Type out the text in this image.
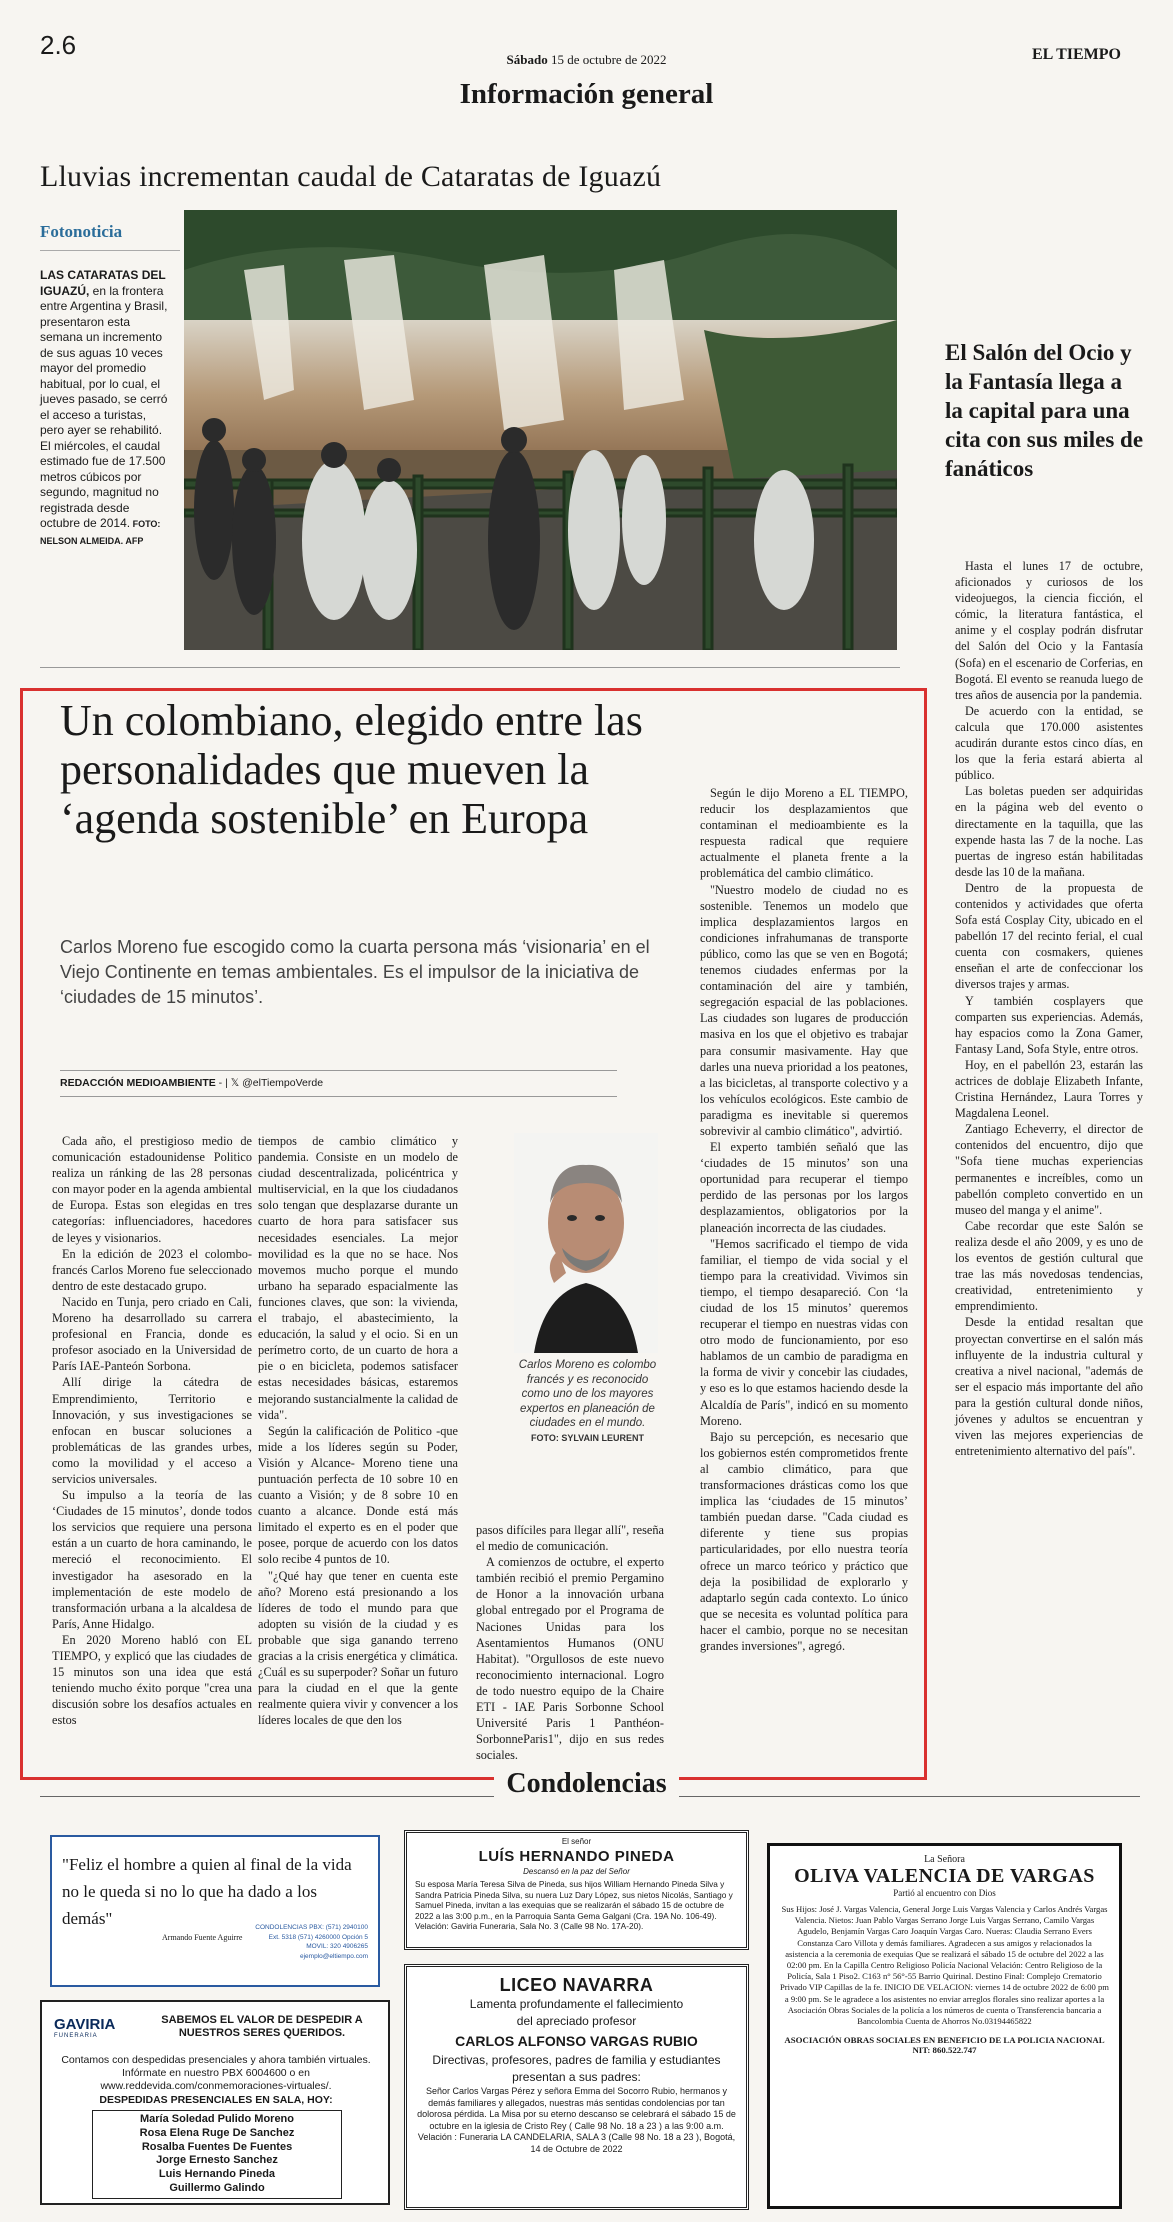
2.6	Sábado 15 de octubre de 2022	EL TIEMPO
Información general
Lluvias incrementan caudal de Cataratas de Iguazú
Fotonoticia
LAS CATARATAS DEL IGUAZÚ, en la frontera entre Argentina y Brasil, presentaron esta semana un incremento de sus aguas 10 veces mayor del promedio habitual, por lo cual, el jueves pasado, se cerró el acceso a turistas, pero ayer se rehabilitó. El miércoles, el caudal estimado fue de 17.500 metros cúbicos por segundo, magnitud no registrada desde octubre de 2014. FOTO: NELSON ALMEIDA. AFP
El Salón del Ocio y la Fantasía llega a la capital para una cita con sus miles de fanáticos

Hasta el lunes 17 de octubre, aficionados y curiosos de los videojuegos, la ciencia ficción, el cómic, la literatura fantástica, el anime y el cosplay podrán disfrutar del Salón del Ocio y la Fantasía (Sofa) en el escenario de Corferias, en Bogotá. El evento se reanuda luego de tres años de ausencia por la pandemia.

De acuerdo con la entidad, se calcula que 170.000 asistentes acudirán durante estos cinco días, en los que la feria estará abierta al público.

Las boletas pueden ser adquiridas en la página web del evento o directamente en la taquilla, que las expende hasta las 7 de la noche. Las puertas de ingreso están habilitadas desde las 10 de la mañana.

Dentro de la propuesta de contenidos y actividades que oferta Sofa está Cosplay City, ubicado en el pabellón 17 del recinto ferial, el cual cuenta con cosmakers, quienes enseñan el arte de confeccionar los diversos trajes y armas.

Y también cosplayers que comparten sus experiencias. Además, hay espacios como la Zona Gamer, Fantasy Land, Sofa Style, entre otros.

Hoy, en el pabellón 23, estarán las actrices de doblaje Elizabeth Infante, Cristina Hernández, Laura Torres y Magdalena Leonel.

Zantiago Echeverry, el director de contenidos del encuentro, dijo que "Sofa tiene muchas experiencias permanentes e increíbles, como un pabellón completo convertido en un museo del manga y el anime".

Cabe recordar que este Salón se realiza desde el año 2009, y es uno de los eventos de gestión cultural que trae las más novedosas tendencias, creatividad, entretenimiento y emprendimiento.

Desde la entidad resaltan que proyectan convertirse en el salón más influyente de la industria cultural y creativa a nivel nacional, "además de ser el espacio más importante del año para la gestión cultural donde niños, jóvenes y adultos se encuentran y viven las mejores experiencias de entretenimiento alternativo del país".

Un colombiano, elegido entre las personalidades que mueven la ‘agenda sostenible’ en Europa
Carlos Moreno fue escogido como la cuarta persona más ‘visionaria’ en el Viejo Continente en temas ambientales. Es el impulsor de la iniciativa de ‘ciudades de 15 minutos’.
REDACCIÓN MEDIOAMBIENTE - | 𝕏 @elTiempoVerde

Cada año, el prestigioso medio de comunicación estadounidense Politico realiza un ránking de las 28 personas con mayor poder en la agenda ambiental de Europa. Estas son elegidas en tres categorías: influenciadores, hacedores de leyes y visionarios.

En la edición de 2023 el colombo-francés Carlos Moreno fue seleccionado dentro de este destacado grupo.

Nacido en Tunja, pero criado en Cali, Moreno ha desarrollado su carrera profesional en Francia, donde es profesor asociado en la Universidad de París IAE-Panteón Sorbona.

Allí dirige la cátedra de Emprendimiento, Territorio e Innovación, y sus investigaciones se enfocan en buscar soluciones a problemáticas de las grandes urbes, como la movilidad y el acceso a servicios universales.

Su impulso a la teoría de las ‘Ciudades de 15 minutos’, donde todos los servicios que requiere una persona están a un cuarto de hora caminando, le mereció el reconocimiento. El investigador ha asesorado en la implementación de este modelo de transformación urbana a la alcaldesa de París, Anne Hidalgo.

En 2020 Moreno habló con EL TIEMPO, y explicó que las ciudades de 15 minutos son una idea que está teniendo mucho éxito porque "crea una discusión sobre los desafíos actuales en estos

tiempos de cambio climático y pandemia. Consiste en un modelo de ciudad descentralizada, policéntrica y multiservicial, en la que los ciudadanos solo tengan que desplazarse durante un cuarto de hora para satisfacer sus necesidades esenciales. La mejor movilidad es la que no se hace. Nos movemos mucho porque el mundo urbano ha separado espacialmente las funciones claves, que son: la vivienda, el trabajo, el abastecimiento, la educación, la salud y el ocio. Si en un perímetro corto, de un cuarto de hora a pie o en bicicleta, podemos satisfacer estas necesidades básicas, estaremos mejorando sustancialmente la calidad de vida".

Según la calificación de Politico -que mide a los líderes según su Poder, Visión y Alcance- Moreno tiene una puntuación perfecta de 10 sobre 10 en cuanto a Visión; y de 8 sobre 10 en cuanto a alcance. Donde está más limitado el experto es en el poder que posee, porque de acuerdo con los datos solo recibe 4 puntos de 10.

"¿Qué hay que tener en cuenta este año? Moreno está presionando a los líderes de todo el mundo para que adopten su visión de la ciudad y es probable que siga ganando terreno gracias a la crisis energética y climática. ¿Cuál es su superpoder? Soñar un futuro para la ciudad en el que la gente realmente quiera vivir y convencer a los líderes locales de que den los

Carlos Moreno es colombo francés y es reconocido como uno de los mayores expertos en planeación de ciudades en el mundo. FOTO: SYLVAIN LEURENT

pasos difíciles para llegar allí", reseña el medio de comunicación.

A comienzos de octubre, el experto también recibió el premio Pergamino de Honor a la innovación urbana global entregado por el Programa de Naciones Unidas para los Asentamientos Humanos (ONU Habitat). "Orgullosos de este nuevo reconocimiento internacional. Logro de todo nuestro equipo de la Chaire ETI - IAE Paris Sorbonne School Université Paris 1 Panthéon-SorbonneParis1", dijo en sus redes sociales.

Según le dijo Moreno a EL TIEMPO, reducir los desplazamientos que contaminan el medioambiente es la respuesta radical que requiere actualmente el planeta frente a la problemática del cambio climático.

"Nuestro modelo de ciudad no es sostenible. Tenemos un modelo que implica desplazamientos largos en condiciones infrahumanas de transporte público, como las que se ven en Bogotá; tenemos ciudades enfermas por la contaminación del aire y también, segregación espacial de las poblaciones. Las ciudades son lugares de producción masiva en los que el objetivo es trabajar para consumir masivamente. Hay que darles una nueva prioridad a los peatones, a las bicicletas, al transporte colectivo y a los vehículos ecológicos. Este cambio de paradigma es inevitable si queremos sobrevivir al cambio climático", advirtió.

El experto también señaló que las ‘ciudades de 15 minutos’ son una oportunidad para recuperar el tiempo perdido de las personas por los largos desplazamientos, obligatorios por la planeación incorrecta de las ciudades.

"Hemos sacrificado el tiempo de vida familiar, el tiempo de vida social y el tiempo para la creatividad. Vivimos sin tiempo, el tiempo desapareció. Con ‘la ciudad de los 15 minutos’ queremos recuperar el tiempo en nuestras vidas con otro modo de funcionamiento, por eso hablamos de un cambio de paradigma en la forma de vivir y concebir las ciudades, y eso es lo que estamos haciendo desde la Alcaldía de París", indicó en su momento Moreno.

Bajo su percepción, es necesario que los gobiernos estén comprometidos frente al cambio climático, para que transformaciones drásticas como los que implica las ‘ciudades de 15 minutos’ también puedan darse. "Cada ciudad es diferente y tiene sus propias particularidades, por ello nuestra teoría ofrece un marco teórico y práctico que deja la posibilidad de explorarlo y adaptarlo según cada contexto. Lo único que se necesita es voluntad política para hacer el cambio, porque no se necesitan grandes inversiones", agregó.

Condolencias
"Feliz el hombre a quien al final de la vida no le queda si no lo que ha dado a los demás"
Armando Fuente Aguirre
CONDOLENCIAS PBX: (571) 2940100 Ext. 5318 (571) 4260000 Opción 5 MOVIL: 320 4906265 ejemplo@eltiempo.com
GAVIRIA
FUNERARIA
SABEMOS EL VALOR DE DESPEDIR A NUESTROS SERES QUERIDOS.
Contamos con despedidas presenciales y ahora también virtuales. Infórmate en nuestro PBX 6004600 o en www.reddevida.com/conmemoraciones-virtuales/.
DESPEDIDAS PRESENCIALES EN SALA, HOY:
María Soledad Pulido Moreno
Rosa Elena Ruge De Sanchez
Rosalba Fuentes De Fuentes
Jorge Ernesto Sanchez
Luis Hernando Pineda
Guillermo Galindo
El señor
LUÍS HERNANDO PINEDA
Descansó en la paz del Señor
Su esposa María Teresa Silva de Pineda, sus hijos William Hernando Pineda Silva y Sandra Patricia Pineda Silva, su nuera Luz Dary López, sus nietos Nicolás, Santiago y Samuel Pineda, invitan a las exequias que se realizarán el sábado 15 de octubre de 2022 a las 3:00 p.m., en la Parroquia Santa Gema Galgani (Cra. 19A No. 106-49). Velación: Gaviria Funeraria, Sala No. 3 (Calle 98 No. 17A-20).
LICEO NAVARRA
Lamenta profundamente el fallecimiento
del apreciado profesor
CARLOS ALFONSO VARGAS RUBIO
Directivas, profesores, padres de familia y estudiantes presentan a sus padres:
Señor Carlos Vargas Pérez y señora Emma del Socorro Rubio, hermanos y demás familiares y allegados, nuestras más sentidas condolencias por tan dolorosa pérdida. La Misa por su eterno descanso se celebrará el sábado 15 de octubre en la iglesia de Cristo Rey ( Calle 98 No. 18 a 23 ) a las 9:00 a.m. Velación : Funeraria LA CANDELARIA, SALA 3 (Calle 98 No. 18 a 23 ), Bogotá, 14 de Octubre de 2022
La Señora
OLIVA VALENCIA DE VARGAS
Partió al encuentro con Dios
Sus Hijos: José J. Vargas Valencia, General Jorge Luis Vargas Valencia y Carlos Andrés Vargas Valencia. Nietos: Juan Pablo Vargas Serrano Jorge Luis Vargas Serrano, Camilo Vargas Agudelo, Benjamín Vargas Caro Joaquín Vargas Caro. Nueras: Claudia Serrano Evers Constanza Caro Villota y demás familiares. Agradecen a sus amigos y relacionados la asistencia a la ceremonia de exequias Que se realizará el sábado 15 de octubre del 2022 a las 02:00 pm. En la Capilla Centro Religioso Policía Nacional Velación: Centro Religioso de la Policía, Sala 1 Piso2. C163 n° 56°-55 Barrio Quirinal. Destino Final: Complejo Crematorio Privado VIP Capillas de la fe. INICIO DE VELACION: viernes 14 de octubre 2022 de 6:00 pm a 9:00 pm. Se le agradece a los asistentes no enviar arreglos florales sino realizar aportes a la Asociación Obras Sociales de la policía a los números de cuenta o Transferencia bancaria a Bancolombia Cuenta de Ahorros No.03194465822
ASOCIACIÓN OBRAS SOCIALES EN BENEFICIO DE LA POLICIA NACIONAL NIT: 860.522.747
